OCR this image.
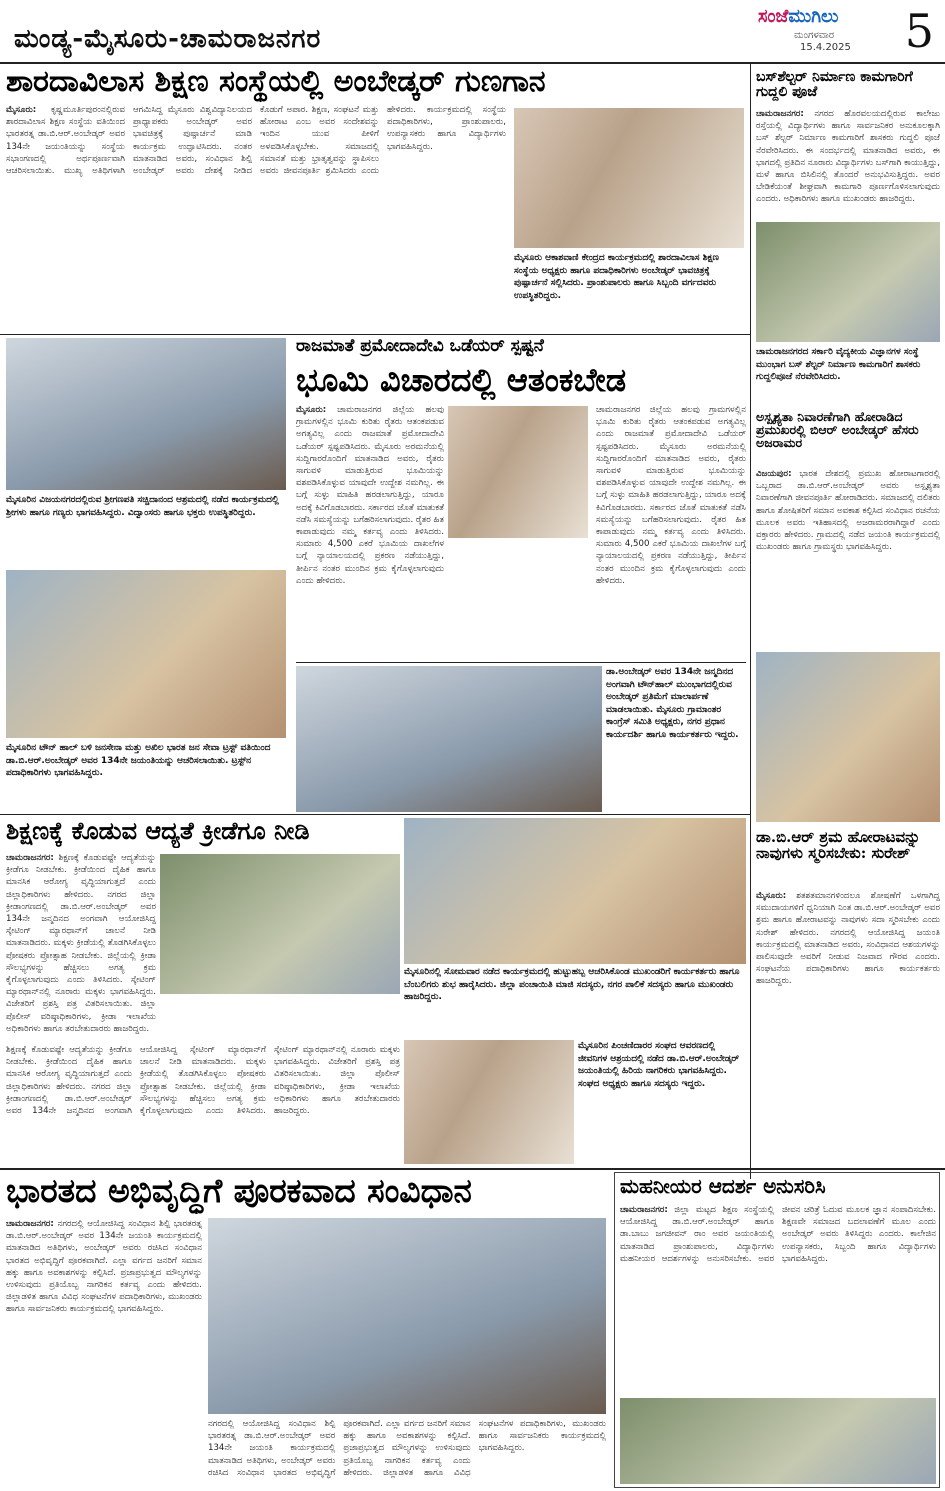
ಮಂಡ್ಯ-ಮೈಸೂರು-ಚಾಮರಾಜನಗರ
ಸಂಜೆಮುಗಿಲು
ಮಂಗಳವಾರ
15.4.2025 5
ಶಾರದಾವಿಲಾಸ ಶಿಕ್ಷಣ ಸಂಸ್ಥೆಯಲ್ಲಿ ಅಂಬೇಡ್ಕರ್ ಗುಣಗಾನ
ಮೈಸೂರು: ಕೃಷ್ಣಮೂರ್ತಿಪುರಂನಲ್ಲಿರುವ ಶಾರದಾವಿಲಾಸ ಶಿಕ್ಷಣ ಸಂಸ್ಥೆಯ ವತಿಯಿಂದ ಭಾರತರತ್ನ ಡಾ.ಬಿ.ಆರ್.ಅಂಬೇಡ್ಕರ್ ಅವರ 134ನೇ ಜಯಂತಿಯನ್ನು ಸಂಸ್ಥೆಯ ಸಭಾಂಗಣದಲ್ಲಿ ಅರ್ಥಪೂರ್ಣವಾಗಿ ಆಚರಿಸಲಾಯಿತು. ಮುಖ್ಯ ಅತಿಥಿಗಳಾಗಿ ಆಗಮಿಸಿದ್ದ ಮೈಸೂರು ವಿಶ್ವವಿದ್ಯಾನಿಲಯದ ಪ್ರಾಧ್ಯಾಪಕರು ಅಂಬೇಡ್ಕರ್ ಅವರ ಭಾವಚಿತ್ರಕ್ಕೆ ಪುಷ್ಪಾರ್ಚನೆ ಮಾಡಿ ಕಾರ್ಯಕ್ರಮ ಉದ್ಘಾಟಿಸಿದರು. ನಂತರ ಮಾತನಾಡಿದ ಅವರು, ಸಂವಿಧಾನ ಶಿಲ್ಪಿ ಅಂಬೇಡ್ಕರ್ ಅವರು ದೇಶಕ್ಕೆ ನೀಡಿದ ಕೊಡುಗೆ ಅಪಾರ. ಶಿಕ್ಷಣ, ಸಂಘಟನೆ ಮತ್ತು ಹೋರಾಟ ಎಂಬ ಅವರ ಸಂದೇಶವನ್ನು ಇಂದಿನ ಯುವ ಪೀಳಿಗೆ ಅಳವಡಿಸಿಕೊಳ್ಳಬೇಕು. ಸಮಾಜದಲ್ಲಿ ಸಮಾನತೆ ಮತ್ತು ಭ್ರಾತೃತ್ವವನ್ನು ಸ್ಥಾಪಿಸಲು ಅವರು ಜೀವನಪೂರ್ತಿ ಶ್ರಮಿಸಿದರು ಎಂದು ಹೇಳಿದರು. ಕಾರ್ಯಕ್ರಮದಲ್ಲಿ ಸಂಸ್ಥೆಯ ಪದಾಧಿಕಾರಿಗಳು, ಪ್ರಾಂಶುಪಾಲರು, ಉಪನ್ಯಾಸಕರು ಹಾಗೂ ವಿದ್ಯಾರ್ಥಿಗಳು ಭಾಗವಹಿಸಿದ್ದರು.
ಮೈಸೂರು ಆಕಾಶವಾಣಿ ಕೇಂದ್ರದ ಕಾರ್ಯಕ್ರಮದಲ್ಲಿ ಶಾರದಾವಿಲಾಸ ಶಿಕ್ಷಣ ಸಂಸ್ಥೆಯ ಅಧ್ಯಕ್ಷರು ಹಾಗೂ ಪದಾಧಿಕಾರಿಗಳು ಅಂಬೇಡ್ಕರ್ ಭಾವಚಿತ್ರಕ್ಕೆ ಪುಷ್ಪಾರ್ಚನೆ ಸಲ್ಲಿಸಿದರು. ಪ್ರಾಂಶುಪಾಲರು ಹಾಗೂ ಸಿಬ್ಬಂದಿ ವರ್ಗದವರು ಉಪಸ್ಥಿತರಿದ್ದರು.
ಬಸ್‌ಶೆಲ್ಟರ್ ನಿರ್ಮಾಣ ಕಾಮಗಾರಿಗೆ ಗುದ್ದಲಿ ಪೂಜೆ
ಚಾಮರಾಜನಗರ: ನಗರದ ಹೊರವಲಯದಲ್ಲಿರುವ ಕಾಲೇಜು ರಸ್ತೆಯಲ್ಲಿ ವಿದ್ಯಾರ್ಥಿಗಳು ಹಾಗೂ ಸಾರ್ವಜನಿಕರ ಅನುಕೂಲಕ್ಕಾಗಿ ಬಸ್ ಶೆಲ್ಟರ್ ನಿರ್ಮಾಣ ಕಾಮಗಾರಿಗೆ ಶಾಸಕರು ಗುದ್ದಲಿ ಪೂಜೆ ನೆರವೇರಿಸಿದರು. ಈ ಸಂದರ್ಭದಲ್ಲಿ ಮಾತನಾಡಿದ ಅವರು, ಈ ಭಾಗದಲ್ಲಿ ಪ್ರತಿದಿನ ನೂರಾರು ವಿದ್ಯಾರ್ಥಿಗಳು ಬಸ್‌ಗಾಗಿ ಕಾಯುತ್ತಿದ್ದು, ಮಳೆ ಹಾಗೂ ಬಿಸಿಲಿನಲ್ಲಿ ತೊಂದರೆ ಅನುಭವಿಸುತ್ತಿದ್ದರು. ಅವರ ಬೇಡಿಕೆಯಂತೆ ಶೀಘ್ರವಾಗಿ ಕಾಮಗಾರಿ ಪೂರ್ಣಗೊಳಿಸಲಾಗುವುದು ಎಂದರು. ಅಧಿಕಾರಿಗಳು ಹಾಗೂ ಮುಖಂಡರು ಹಾಜರಿದ್ದರು.
ಚಾಮರಾಜನಗರದ ಸರ್ಕಾರಿ ವೈದ್ಯಕೀಯ ವಿಜ್ಞಾನಗಳ ಸಂಸ್ಥೆ ಮುಂಭಾಗ ಬಸ್ ಶೆಲ್ಟರ್ ನಿರ್ಮಾಣ ಕಾಮಗಾರಿಗೆ ಶಾಸಕರು ಗುದ್ದಲಿಪೂಜೆ ನೆರವೇರಿಸಿದರು.
ಅಸ್ಪೃಶ್ಯತಾ ನಿವಾರಣೆಗಾಗಿ ಹೋರಾಡಿದ ಪ್ರಮುಖರಲ್ಲಿ ಬಿಆರ್ ಅಂಬೇಡ್ಕರ್ ಹೆಸರು ಅಜರಾಮರ
ವಿಜಯಪುರ: ಭಾರತ ದೇಶದಲ್ಲಿ ಪ್ರಮುಖ ಹೋರಾಟಗಾರರಲ್ಲಿ ಒಬ್ಬರಾದ ಡಾ.ಬಿ.ಆರ್.ಅಂಬೇಡ್ಕರ್ ಅವರು ಅಸ್ಪೃಶ್ಯತಾ ನಿವಾರಣೆಗಾಗಿ ಜೀವನಪೂರ್ತಿ ಹೋರಾಡಿದರು. ಸಮಾಜದಲ್ಲಿ ದಲಿತರು ಹಾಗೂ ಶೋಷಿತರಿಗೆ ಸಮಾನ ಅವಕಾಶ ಕಲ್ಪಿಸಿದ ಸಂವಿಧಾನ ರಚನೆಯ ಮೂಲಕ ಅವರು ಇತಿಹಾಸದಲ್ಲಿ ಅಜರಾಮರರಾಗಿದ್ದಾರೆ ಎಂದು ವಕ್ತಾರರು ಹೇಳಿದರು. ಗ್ರಾಮದಲ್ಲಿ ನಡೆದ ಜಯಂತಿ ಕಾರ್ಯಕ್ರಮದಲ್ಲಿ ಮುಖಂಡರು ಹಾಗೂ ಗ್ರಾಮಸ್ಥರು ಭಾಗವಹಿಸಿದ್ದರು.
ಡಾ.ಬಿ.ಆರ್ ಶ್ರಮ ಹೋರಾಟವನ್ನು ನಾವುಗಳು ಸ್ಮರಿಸಬೇಕು: ಸುರೇಶ್
ಮೈಸೂರು: ಶತಶತಮಾನಗಳಿಂದಲೂ ಶೋಷಣೆಗೆ ಒಳಗಾಗಿದ್ದ ಸಮುದಾಯಗಳಿಗೆ ಧ್ವನಿಯಾಗಿ ನಿಂತ ಡಾ.ಬಿ.ಆರ್.ಅಂಬೇಡ್ಕರ್ ಅವರ ಶ್ರಮ ಹಾಗೂ ಹೋರಾಟವನ್ನು ನಾವುಗಳು ಸದಾ ಸ್ಮರಿಸಬೇಕು ಎಂದು ಸುರೇಶ್ ಹೇಳಿದರು. ನಗರದಲ್ಲಿ ಆಯೋಜಿಸಿದ್ದ ಜಯಂತಿ ಕಾರ್ಯಕ್ರಮದಲ್ಲಿ ಮಾತನಾಡಿದ ಅವರು, ಸಂವಿಧಾನದ ಆಶಯಗಳನ್ನು ಪಾಲಿಸುವುದೇ ಅವರಿಗೆ ನೀಡುವ ನಿಜವಾದ ಗೌರವ ಎಂದರು. ಸಂಘಟನೆಯ ಪದಾಧಿಕಾರಿಗಳು ಹಾಗೂ ಕಾರ್ಯಕರ್ತರು ಹಾಜರಿದ್ದರು.
ಮೈಸೂರಿನ ವಿಜಯನಗರದಲ್ಲಿರುವ ಶ್ರೀಗಣಪತಿ ಸಚ್ಚಿದಾನಂದ ಆಶ್ರಮದಲ್ಲಿ ನಡೆದ ಕಾರ್ಯಕ್ರಮದಲ್ಲಿ ಶ್ರೀಗಳು ಹಾಗೂ ಗಣ್ಯರು ಭಾಗವಹಿಸಿದ್ದರು. ವಿದ್ವಾಂಸರು ಹಾಗೂ ಭಕ್ತರು ಉಪಸ್ಥಿತರಿದ್ದರು.
ಮೈಸೂರಿನ ಟೌನ್ ಹಾಲ್ ಬಳಿ ಜನಸೇನಾ ಮತ್ತು ಅಖಿಲ ಭಾರತ ಜನ ಸೇವಾ ಟ್ರಸ್ಟ್ ವತಿಯಿಂದ ಡಾ.ಬಿ.ಆರ್.ಅಂಬೇಡ್ಕರ್ ಅವರ 134ನೇ ಜಯಂತಿಯನ್ನು ಆಚರಿಸಲಾಯಿತು. ಟ್ರಸ್ಟ್‌ನ ಪದಾಧಿಕಾರಿಗಳು ಭಾಗವಹಿಸಿದ್ದರು.
ರಾಜಮಾತೆ ಪ್ರಮೋದಾದೇವಿ ಒಡೆಯರ್ ಸ್ಪಷ್ಟನೆ
ಭೂಮಿ ವಿಚಾರದಲ್ಲಿ ಆತಂಕಬೇಡ
ಮೈಸೂರು: ಚಾಮರಾಜನಗರ ಜಿಲ್ಲೆಯ ಹಲವು ಗ್ರಾಮಗಳಲ್ಲಿನ ಭೂಮಿ ಕುರಿತು ರೈತರು ಆತಂಕಪಡುವ ಅಗತ್ಯವಿಲ್ಲ ಎಂದು ರಾಜಮಾತೆ ಪ್ರಮೋದಾದೇವಿ ಒಡೆಯರ್ ಸ್ಪಷ್ಟಪಡಿಸಿದರು. ಮೈಸೂರು ಅರಮನೆಯಲ್ಲಿ ಸುದ್ದಿಗಾರರೊಂದಿಗೆ ಮಾತನಾಡಿದ ಅವರು, ರೈತರು ಸಾಗುವಳಿ ಮಾಡುತ್ತಿರುವ ಭೂಮಿಯನ್ನು ವಶಪಡಿಸಿಕೊಳ್ಳುವ ಯಾವುದೇ ಉದ್ದೇಶ ನಮಗಿಲ್ಲ. ಈ ಬಗ್ಗೆ ಸುಳ್ಳು ಮಾಹಿತಿ ಹರಡಲಾಗುತ್ತಿದ್ದು, ಯಾರೂ ಅದಕ್ಕೆ ಕಿವಿಗೊಡಬಾರದು. ಸರ್ಕಾರದ ಜೊತೆ ಮಾತುಕತೆ ನಡೆಸಿ ಸಮಸ್ಯೆಯನ್ನು ಬಗೆಹರಿಸಲಾಗುವುದು. ರೈತರ ಹಿತ ಕಾಪಾಡುವುದು ನಮ್ಮ ಕರ್ತವ್ಯ ಎಂದು ತಿಳಿಸಿದರು. ಸುಮಾರು 4,500 ಎಕರೆ ಭೂಮಿಯ ದಾಖಲೆಗಳ ಬಗ್ಗೆ ನ್ಯಾಯಾಲಯದಲ್ಲಿ ಪ್ರಕರಣ ನಡೆಯುತ್ತಿದ್ದು, ತೀರ್ಪಿನ ನಂತರ ಮುಂದಿನ ಕ್ರಮ ಕೈಗೊಳ್ಳಲಾಗುವುದು ಎಂದು ಹೇಳಿದರು.
ಚಾಮರಾಜನಗರ ಜಿಲ್ಲೆಯ ಹಲವು ಗ್ರಾಮಗಳಲ್ಲಿನ ಭೂಮಿ ಕುರಿತು ರೈತರು ಆತಂಕಪಡುವ ಅಗತ್ಯವಿಲ್ಲ ಎಂದು ರಾಜಮಾತೆ ಪ್ರಮೋದಾದೇವಿ ಒಡೆಯರ್ ಸ್ಪಷ್ಟಪಡಿಸಿದರು. ಮೈಸೂರು ಅರಮನೆಯಲ್ಲಿ ಸುದ್ದಿಗಾರರೊಂದಿಗೆ ಮಾತನಾಡಿದ ಅವರು, ರೈತರು ಸಾಗುವಳಿ ಮಾಡುತ್ತಿರುವ ಭೂಮಿಯನ್ನು ವಶಪಡಿಸಿಕೊಳ್ಳುವ ಯಾವುದೇ ಉದ್ದೇಶ ನಮಗಿಲ್ಲ. ಈ ಬಗ್ಗೆ ಸುಳ್ಳು ಮಾಹಿತಿ ಹರಡಲಾಗುತ್ತಿದ್ದು, ಯಾರೂ ಅದಕ್ಕೆ ಕಿವಿಗೊಡಬಾರದು. ಸರ್ಕಾರದ ಜೊತೆ ಮಾತುಕತೆ ನಡೆಸಿ ಸಮಸ್ಯೆಯನ್ನು ಬಗೆಹರಿಸಲಾಗುವುದು. ರೈತರ ಹಿತ ಕಾಪಾಡುವುದು ನಮ್ಮ ಕರ್ತವ್ಯ ಎಂದು ತಿಳಿಸಿದರು. ಸುಮಾರು 4,500 ಎಕರೆ ಭೂಮಿಯ ದಾಖಲೆಗಳ ಬಗ್ಗೆ ನ್ಯಾಯಾಲಯದಲ್ಲಿ ಪ್ರಕರಣ ನಡೆಯುತ್ತಿದ್ದು, ತೀರ್ಪಿನ ನಂತರ ಮುಂದಿನ ಕ್ರಮ ಕೈಗೊಳ್ಳಲಾಗುವುದು ಎಂದು ಹೇಳಿದರು.
ಡಾ.ಅಂಬೇಡ್ಕರ್ ಅವರ 134ನೇ ಜನ್ಮದಿನದ ಅಂಗವಾಗಿ ಟೌನ್‌ಹಾಲ್ ಮುಂಭಾಗದಲ್ಲಿರುವ ಅಂಬೇಡ್ಕರ್ ಪ್ರತಿಮೆಗೆ ಮಾಲಾರ್ಪಣೆ ಮಾಡಲಾಯಿತು. ಮೈಸೂರು ಗ್ರಾಮಾಂತರ ಕಾಂಗ್ರೆಸ್ ಸಮಿತಿ ಅಧ್ಯಕ್ಷರು, ನಗರ ಪ್ರಧಾನ ಕಾರ್ಯದರ್ಶಿ ಹಾಗೂ ಕಾರ್ಯಕರ್ತರು ಇದ್ದರು.
ಶಿಕ್ಷಣಕ್ಕೆ ಕೊಡುವ ಆದ್ಯತೆ ಕ್ರೀಡೆಗೂ ನೀಡಿ
ಚಾಮರಾಜನಗರ: ಶಿಕ್ಷಣಕ್ಕೆ ಕೊಡುವಷ್ಟೇ ಆದ್ಯತೆಯನ್ನು ಕ್ರೀಡೆಗೂ ನೀಡಬೇಕು. ಕ್ರೀಡೆಯಿಂದ ದೈಹಿಕ ಹಾಗೂ ಮಾನಸಿಕ ಆರೋಗ್ಯ ವೃದ್ಧಿಯಾಗುತ್ತದೆ ಎಂದು ಜಿಲ್ಲಾಧಿಕಾರಿಗಳು ಹೇಳಿದರು. ನಗರದ ಜಿಲ್ಲಾ ಕ್ರೀಡಾಂಗಣದಲ್ಲಿ ಡಾ.ಬಿ.ಆರ್.ಅಂಬೇಡ್ಕರ್ ಅವರ 134ನೇ ಜನ್ಮದಿನದ ಅಂಗವಾಗಿ ಆಯೋಜಿಸಿದ್ದ ಸ್ಕೇಟಿಂಗ್ ಮ್ಯಾರಥಾನ್‌ಗೆ ಚಾಲನೆ ನೀಡಿ ಮಾತನಾಡಿದರು. ಮಕ್ಕಳು ಕ್ರೀಡೆಯಲ್ಲಿ ತೊಡಗಿಸಿಕೊಳ್ಳಲು ಪೋಷಕರು ಪ್ರೋತ್ಸಾಹ ನೀಡಬೇಕು. ಜಿಲ್ಲೆಯಲ್ಲಿ ಕ್ರೀಡಾ ಸೌಲಭ್ಯಗಳನ್ನು ಹೆಚ್ಚಿಸಲು ಅಗತ್ಯ ಕ್ರಮ ಕೈಗೊಳ್ಳಲಾಗುವುದು ಎಂದು ತಿಳಿಸಿದರು. ಸ್ಕೇಟಿಂಗ್ ಮ್ಯಾರಥಾನ್‌ನಲ್ಲಿ ನೂರಾರು ಮಕ್ಕಳು ಭಾಗವಹಿಸಿದ್ದರು. ವಿಜೇತರಿಗೆ ಪ್ರಶಸ್ತಿ ಪತ್ರ ವಿತರಿಸಲಾಯಿತು. ಜಿಲ್ಲಾ ಪೊಲೀಸ್ ವರಿಷ್ಠಾಧಿಕಾರಿಗಳು, ಕ್ರೀಡಾ ಇಲಾಖೆಯ ಅಧಿಕಾರಿಗಳು ಹಾಗೂ ತರಬೇತುದಾರರು ಹಾಜರಿದ್ದರು.
ಶಿಕ್ಷಣಕ್ಕೆ ಕೊಡುವಷ್ಟೇ ಆದ್ಯತೆಯನ್ನು ಕ್ರೀಡೆಗೂ ನೀಡಬೇಕು. ಕ್ರೀಡೆಯಿಂದ ದೈಹಿಕ ಹಾಗೂ ಮಾನಸಿಕ ಆರೋಗ್ಯ ವೃದ್ಧಿಯಾಗುತ್ತದೆ ಎಂದು ಜಿಲ್ಲಾಧಿಕಾರಿಗಳು ಹೇಳಿದರು. ನಗರದ ಜಿಲ್ಲಾ ಕ್ರೀಡಾಂಗಣದಲ್ಲಿ ಡಾ.ಬಿ.ಆರ್.ಅಂಬೇಡ್ಕರ್ ಅವರ 134ನೇ ಜನ್ಮದಿನದ ಅಂಗವಾಗಿ ಆಯೋಜಿಸಿದ್ದ ಸ್ಕೇಟಿಂಗ್ ಮ್ಯಾರಥಾನ್‌ಗೆ ಚಾಲನೆ ನೀಡಿ ಮಾತನಾಡಿದರು. ಮಕ್ಕಳು ಕ್ರೀಡೆಯಲ್ಲಿ ತೊಡಗಿಸಿಕೊಳ್ಳಲು ಪೋಷಕರು ಪ್ರೋತ್ಸಾಹ ನೀಡಬೇಕು. ಜಿಲ್ಲೆಯಲ್ಲಿ ಕ್ರೀಡಾ ಸೌಲಭ್ಯಗಳನ್ನು ಹೆಚ್ಚಿಸಲು ಅಗತ್ಯ ಕ್ರಮ ಕೈಗೊಳ್ಳಲಾಗುವುದು ಎಂದು ತಿಳಿಸಿದರು. ಸ್ಕೇಟಿಂಗ್ ಮ್ಯಾರಥಾನ್‌ನಲ್ಲಿ ನೂರಾರು ಮಕ್ಕಳು ಭಾಗವಹಿಸಿದ್ದರು. ವಿಜೇತರಿಗೆ ಪ್ರಶಸ್ತಿ ಪತ್ರ ವಿತರಿಸಲಾಯಿತು. ಜಿಲ್ಲಾ ಪೊಲೀಸ್ ವರಿಷ್ಠಾಧಿಕಾರಿಗಳು, ಕ್ರೀಡಾ ಇಲಾಖೆಯ ಅಧಿಕಾರಿಗಳು ಹಾಗೂ ತರಬೇತುದಾರರು ಹಾಜರಿದ್ದರು.
ಮೈಸೂರಿನಲ್ಲಿ ಸೋಮವಾರ ನಡೆದ ಕಾರ್ಯಕ್ರಮದಲ್ಲಿ ಹುಟ್ಟುಹಬ್ಬ ಆಚರಿಸಿಕೊಂಡ ಮುಖಂಡರಿಗೆ ಕಾರ್ಯಕರ್ತರು ಹಾಗೂ ಬೆಂಬಲಿಗರು ಶುಭ ಹಾರೈಸಿದರು. ಜಿಲ್ಲಾ ಪಂಚಾಯಿತಿ ಮಾಜಿ ಸದಸ್ಯರು, ನಗರ ಪಾಲಿಕೆ ಸದಸ್ಯರು ಹಾಗೂ ಮುಖಂಡರು ಹಾಜರಿದ್ದರು.
ಮೈಸೂರಿನ ಪಿಂಚಣಿದಾರರ ಸಂಘದ ಆವರಣದಲ್ಲಿ ಜೀವನಿಗಳ ಆಶ್ರಯದಲ್ಲಿ ನಡೆದ ಡಾ.ಬಿ.ಆರ್.ಅಂಬೇಡ್ಕರ್ ಜಯಂತಿಯಲ್ಲಿ ಹಿರಿಯ ನಾಗರಿಕರು ಭಾಗವಹಿಸಿದ್ದರು. ಸಂಘದ ಅಧ್ಯಕ್ಷರು ಹಾಗೂ ಸದಸ್ಯರು ಇದ್ದರು.
ಭಾರತದ ಅಭಿವೃದ್ಧಿಗೆ ಪೂರಕವಾದ ಸಂವಿಧಾನ
ಚಾಮರಾಜನಗರ: ನಗರದಲ್ಲಿ ಆಯೋಜಿಸಿದ್ದ ಸಂವಿಧಾನ ಶಿಲ್ಪಿ ಭಾರತರತ್ನ ಡಾ.ಬಿ.ಆರ್.ಅಂಬೇಡ್ಕರ್ ಅವರ 134ನೇ ಜಯಂತಿ ಕಾರ್ಯಕ್ರಮದಲ್ಲಿ ಮಾತನಾಡಿದ ಅತಿಥಿಗಳು, ಅಂಬೇಡ್ಕರ್ ಅವರು ರಚಿಸಿದ ಸಂವಿಧಾನ ಭಾರತದ ಅಭಿವೃದ್ಧಿಗೆ ಪೂರಕವಾಗಿದೆ. ಎಲ್ಲಾ ವರ್ಗದ ಜನರಿಗೆ ಸಮಾನ ಹಕ್ಕು ಹಾಗೂ ಅವಕಾಶಗಳನ್ನು ಕಲ್ಪಿಸಿದೆ. ಪ್ರಜಾಪ್ರಭುತ್ವದ ಮೌಲ್ಯಗಳನ್ನು ಉಳಿಸುವುದು ಪ್ರತಿಯೊಬ್ಬ ನಾಗರಿಕನ ಕರ್ತವ್ಯ ಎಂದು ಹೇಳಿದರು. ಜಿಲ್ಲಾಡಳಿತ ಹಾಗೂ ವಿವಿಧ ಸಂಘಟನೆಗಳ ಪದಾಧಿಕಾರಿಗಳು, ಮುಖಂಡರು ಹಾಗೂ ಸಾರ್ವಜನಿಕರು ಕಾರ್ಯಕ್ರಮದಲ್ಲಿ ಭಾಗವಹಿಸಿದ್ದರು.
ನಗರದಲ್ಲಿ ಆಯೋಜಿಸಿದ್ದ ಸಂವಿಧಾನ ಶಿಲ್ಪಿ ಭಾರತರತ್ನ ಡಾ.ಬಿ.ಆರ್.ಅಂಬೇಡ್ಕರ್ ಅವರ 134ನೇ ಜಯಂತಿ ಕಾರ್ಯಕ್ರಮದಲ್ಲಿ ಮಾತನಾಡಿದ ಅತಿಥಿಗಳು, ಅಂಬೇಡ್ಕರ್ ಅವರು ರಚಿಸಿದ ಸಂವಿಧಾನ ಭಾರತದ ಅಭಿವೃದ್ಧಿಗೆ ಪೂರಕವಾಗಿದೆ. ಎಲ್ಲಾ ವರ್ಗದ ಜನರಿಗೆ ಸಮಾನ ಹಕ್ಕು ಹಾಗೂ ಅವಕಾಶಗಳನ್ನು ಕಲ್ಪಿಸಿದೆ. ಪ್ರಜಾಪ್ರಭುತ್ವದ ಮೌಲ್ಯಗಳನ್ನು ಉಳಿಸುವುದು ಪ್ರತಿಯೊಬ್ಬ ನಾಗರಿಕನ ಕರ್ತವ್ಯ ಎಂದು ಹೇಳಿದರು. ಜಿಲ್ಲಾಡಳಿತ ಹಾಗೂ ವಿವಿಧ ಸಂಘಟನೆಗಳ ಪದಾಧಿಕಾರಿಗಳು, ಮುಖಂಡರು ಹಾಗೂ ಸಾರ್ವಜನಿಕರು ಕಾರ್ಯಕ್ರಮದಲ್ಲಿ ಭಾಗವಹಿಸಿದ್ದರು.
ಮಹನೀಯರ ಆದರ್ಶ ಅನುಸರಿಸಿ
ಚಾಮರಾಜನಗರ: ಜಿಲ್ಲಾ ಮಟ್ಟದ ಶಿಕ್ಷಣ ಸಂಸ್ಥೆಯಲ್ಲಿ ಆಯೋಜಿಸಿದ್ದ ಡಾ.ಬಿ.ಆರ್.ಅಂಬೇಡ್ಕರ್ ಹಾಗೂ ಡಾ.ಬಾಬು ಜಗಜೀವನ್ ರಾಂ ಅವರ ಜಯಂತಿಯಲ್ಲಿ ಮಾತನಾಡಿದ ಪ್ರಾಂಶುಪಾಲರು, ವಿದ್ಯಾರ್ಥಿಗಳು ಮಹನೀಯರ ಆದರ್ಶಗಳನ್ನು ಅನುಸರಿಸಬೇಕು. ಅವರ ಜೀವನ ಚರಿತ್ರೆ ಓದುವ ಮೂಲಕ ಜ್ಞಾನ ಸಂಪಾದಿಸಬೇಕು. ಶಿಕ್ಷಣವೇ ಸಮಾಜದ ಬದಲಾವಣೆಗೆ ಮೂಲ ಎಂದು ಅಂಬೇಡ್ಕರ್ ಅವರು ತಿಳಿಸಿದ್ದರು ಎಂದರು. ಕಾಲೇಜಿನ ಉಪನ್ಯಾಸಕರು, ಸಿಬ್ಬಂದಿ ಹಾಗೂ ವಿದ್ಯಾರ್ಥಿಗಳು ಭಾಗವಹಿಸಿದ್ದರು.
